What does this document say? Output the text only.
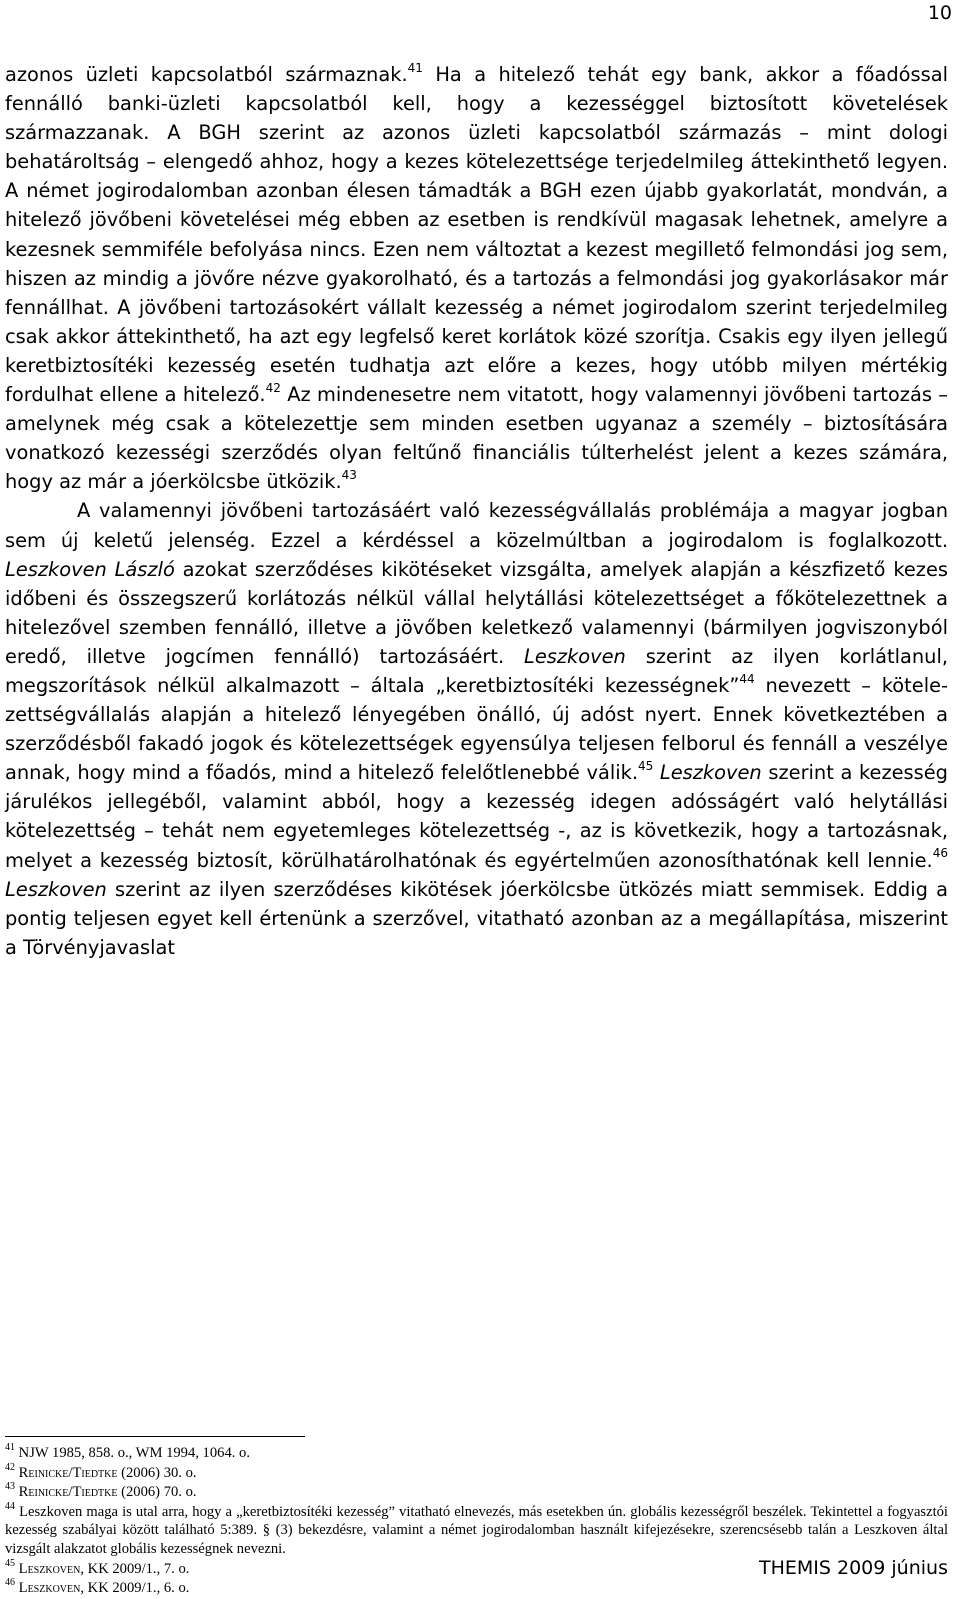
10

azonos üzleti kapcsolatból származnak.$^{41}$ Ha a hitelező tehát egy bank, akkor a főadóssal fennálló banki-üzleti kapcsolatból kell, hogy a kezességgel biztosított követelések származzanak. A BGH szerint az azonos üzleti kapcsolatból származás – mint dologi behatároltság – elengedő ahhoz, hogy a kezes kötelezettsége terjedelmileg áttekinthető legyen. A német jogirodalomban azonban élesen támadták a BGH ezen újabb gyakorlatát, mondván, a hitelező jövőbeni követelései még ebben az esetben is rendkívül magasak lehetnek, amelyre a kezesnek semmiféle befolyása nincs. Ezen nem változtat a kezest megillető felmondási jog sem, hiszen az mindig a jövőre nézve gyakorolható, és a tartozás a felmondási jog gyakorlásakor már fennállhat. A jövőbeni tartozásokért vállalt kezesség a német jogirodalom szerint terjedelmileg csak akkor áttekinthető, ha azt egy legfelső keret korlátok közé szorítja. Csakis egy ilyen jellegű keretbiztosítéki kezesség esetén tudhatja azt előre a kezes, hogy utóbb milyen mértékig fordulhat ellene a hitelező.$^{42}$ Az mindenesetre nem vitatott, hogy valamennyi jövőbeni tartozás – amelynek még csak a kötelezettje sem minden esetben ugyanaz a személy – biztosítására vonatkozó kezességi szerződés olyan feltűnő financiális túlterhelést jelent a kezes számára, hogy az már a jóerkölcsbe ütközik.$^{43}$

A valamennyi jövőbeni tartozásáért való kezességvállalás problémája a magyar jogban sem új keletű jelenség. Ezzel a kérdéssel a közelmúltban a jogirodalom is foglalkozott. Leszkoven László azokat szerződéses kikötéseket vizsgálta, amelyek alapján a készfizető kezes időbeni és összegszerű korlátozás nélkül vállal helytállási kötelezettséget a főkötelezettnek a hitelezővel szemben fennálló, illetve a jövőben keletkező valamennyi (bármilyen jogviszonyból eredő, illetve jogcímen fennálló) tartozásáért. Leszkoven szerint az ilyen korlátlanul, megszorítások nélkül alkalmazott – általa „keretbiztosítéki kezességnek”$^{44}$ nevezett – kötele-zettségvállalás alapján a hitelező lényegében önálló, új adóst nyert. Ennek következtében a szerződésből fakadó jogok és kötelezettségek egyensúlya teljesen felborul és fennáll a veszélye annak, hogy mind a főadós, mind a hitelező felelőtlenebbé válik.$^{45}$ Leszkoven szerint a kezesség járulékos jellegéből, valamint abból, hogy a kezesség idegen adósságért való helytállási kötelezettség – tehát nem egyetemleges kötelezettség -, az is következik, hogy a tartozásnak, melyet a kezesség biztosít, körülhatárolhatónak és egyértelműen azonosíthatónak kell lennie.$^{46}$ Leszkoven szerint az ilyen szerződéses kikötések jóerkölcsbe ütközés miatt semmisek. Eddig a pontig teljesen egyet kell értenünk a szerzővel, vitatható azonban az a megállapítása, miszerint a Törvényjavaslat

$^{41}$ NJW 1985, 858. o., WM 1994, 1064. o.
$^{42}$ Reinicke/Tiedtke (2006) 30. o.
$^{43}$ Reinicke/Tiedtke (2006) 70. o.
$^{44}$ Leszkoven maga is utal arra, hogy a „keretbiztosítéki kezesség” vitatható elnevezés, más esetekben ún. globális kezességről beszélek. Tekintettel a fogyasztói kezesség szabályai között található 5:389. § (3) bekezdésre, valamint a német jogirodalomban használt kifejezésekre, szerencsésebb talán a Leszkoven által vizsgált alakzatot globális kezességnek nevezni.
$^{45}$ Leszkoven, KK 2009/1., 7. o.
$^{46}$ Leszkoven, KK 2009/1., 6. o.
THEMIS 2009 június
